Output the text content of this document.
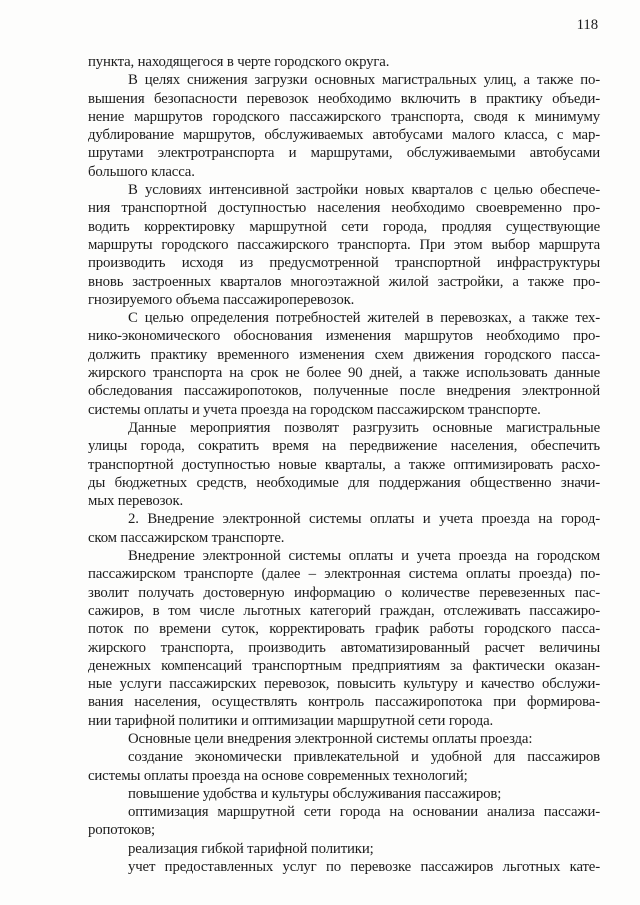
118
пункта, находящегося в черте городского округа.
В целях снижения загрузки основных магистральных улиц, а также по-
вышения безопасности перевозок необходимо включить в практику объеди-
нение маршрутов городского пассажирского транспорта, сводя к минимуму
дублирование маршрутов, обслуживаемых автобусами малого класса, с мар-
шрутами электротранспорта и маршрутами, обслуживаемыми автобусами
большого класса.
В условиях интенсивной застройки новых кварталов с целью обеспече-
ния транспортной доступностью населения необходимо своевременно про-
водить корректировку маршрутной сети города, продляя существующие
маршруты городского пассажирского транспорта. При этом выбор маршрута
производить исходя из предусмотренной транспортной инфраструктуры
вновь застроенных кварталов многоэтажной жилой застройки, а также про-
гнозируемого объема пассажироперевозок.
С целью определения потребностей жителей в перевозках, а также тех-
нико-экономического обоснования изменения маршрутов необходимо про-
должить практику временного изменения схем движения городского пасса-
жирского транспорта на срок не более 90 дней, а также использовать данные
обследования пассажиропотоков, полученные после внедрения электронной
системы оплаты и учета проезда на городском пассажирском транспорте.
Данные мероприятия позволят разгрузить основные магистральные
улицы города, сократить время на передвижение населения, обеспечить
транспортной доступностью новые кварталы, а также оптимизировать расхо-
ды бюджетных средств, необходимые для поддержания общественно значи-
мых перевозок.
2. Внедрение электронной системы оплаты и учета проезда на город-
ском пассажирском транспорте.
Внедрение электронной системы оплаты и учета проезда на городском
пассажирском транспорте (далее – электронная система оплаты проезда) по-
зволит получать достоверную информацию о количестве перевезенных пас-
сажиров, в том числе льготных категорий граждан, отслеживать пассажиро-
поток по времени суток, корректировать график работы городского пасса-
жирского транспорта, производить автоматизированный расчет величины
денежных компенсаций транспортным предприятиям за фактически оказан-
ные услуги пассажирских перевозок, повысить культуру и качество обслужи-
вания населения, осуществлять контроль пассажиропотока при формирова-
нии тарифной политики и оптимизации маршрутной сети города.
Основные цели внедрения электронной системы оплаты проезда:
создание экономически привлекательной и удобной для пассажиров
системы оплаты проезда на основе современных технологий;
повышение удобства и культуры обслуживания пассажиров;
оптимизация маршрутной сети города на основании анализа пассажи-
ропотоков;
реализация гибкой тарифной политики;
учет предоставленных услуг по перевозке пассажиров льготных кате-
